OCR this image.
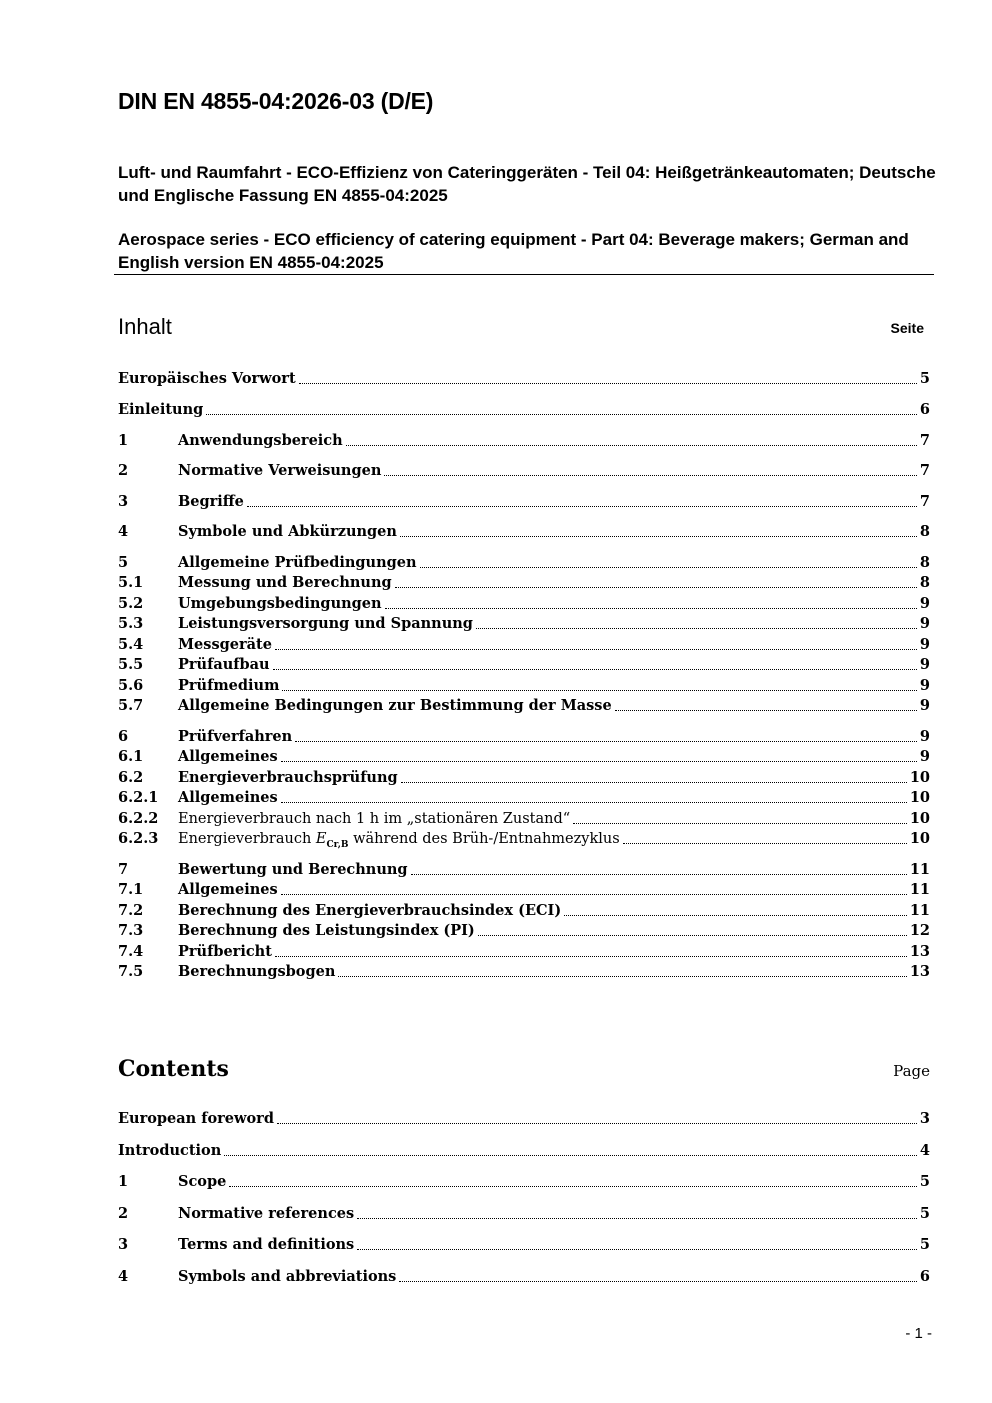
DIN EN 4855-04:2026-03 (D/E)
Luft- und Raumfahrt - ECO-Effizienz von Cateringgeräten - Teil 04: Heißgetränkeautomaten; Deutsche und Englische Fassung EN 4855-04:2025
Aerospace series - ECO efficiency of catering equipment - Part 04: Beverage makers; German and English version EN 4855-04:2025
Inhalt	Seite
Europäisches Vorwort	5
Einleitung	6
1	Anwendungsbereich	7
2	Normative Verweisungen	7
3	Begriffe	7
4	Symbole und Abkürzungen	8
5	Allgemeine Prüfbedingungen	8
5.1	Messung und Berechnung	8
5.2	Umgebungsbedingungen	9
5.3	Leistungsversorgung und Spannung	9
5.4	Messgeräte	9
5.5	Prüfaufbau	9
5.6	Prüfmedium	9
5.7	Allgemeine Bedingungen zur Bestimmung der Masse	9
6	Prüfverfahren	9
6.1	Allgemeines	9
6.2	Energieverbrauchsprüfung	10
6.2.1	Allgemeines	10
6.2.2	Energieverbrauch nach 1 h im „stationären Zustand“	10
6.2.3	Energieverbrauch $E_{Cr,B}$ während des Brüh-/Entnahmezyklus	10
7	Bewertung und Berechnung	11
7.1	Allgemeines	11
7.2	Berechnung des Energieverbrauchsindex (ECI)	11
7.3	Berechnung des Leistungsindex (PI)	12
7.4	Prüfbericht	13
7.5	Berechnungsbogen	13
Contents	Page
European foreword	3
Introduction	4
1	Scope	5
2	Normative references	5
3	Terms and definitions	5
4	Symbols and abbreviations	6
- 1 -
